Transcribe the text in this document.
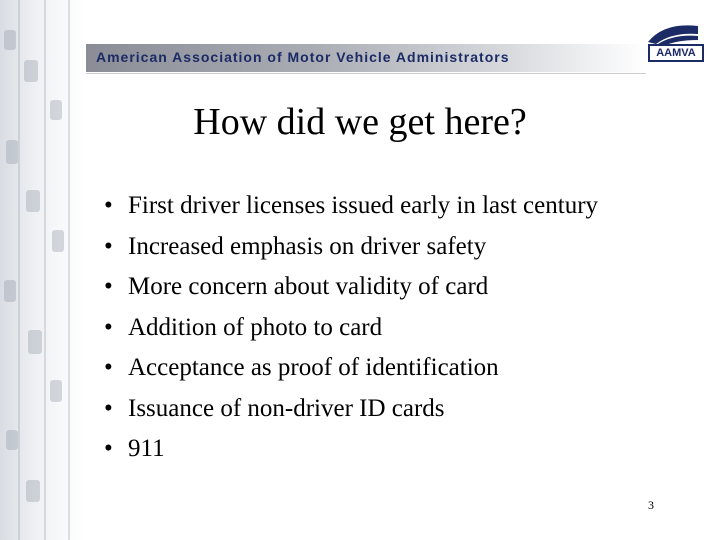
American Association of Motor Vehicle Administrators	AAMVA
How did we get here?
• First driver licenses issued early in last century
• Increased emphasis on driver safety
• More concern about validity of card
• Addition of photo to card
• Acceptance as proof of identification
• Issuance of non-driver ID cards
• 911
3
